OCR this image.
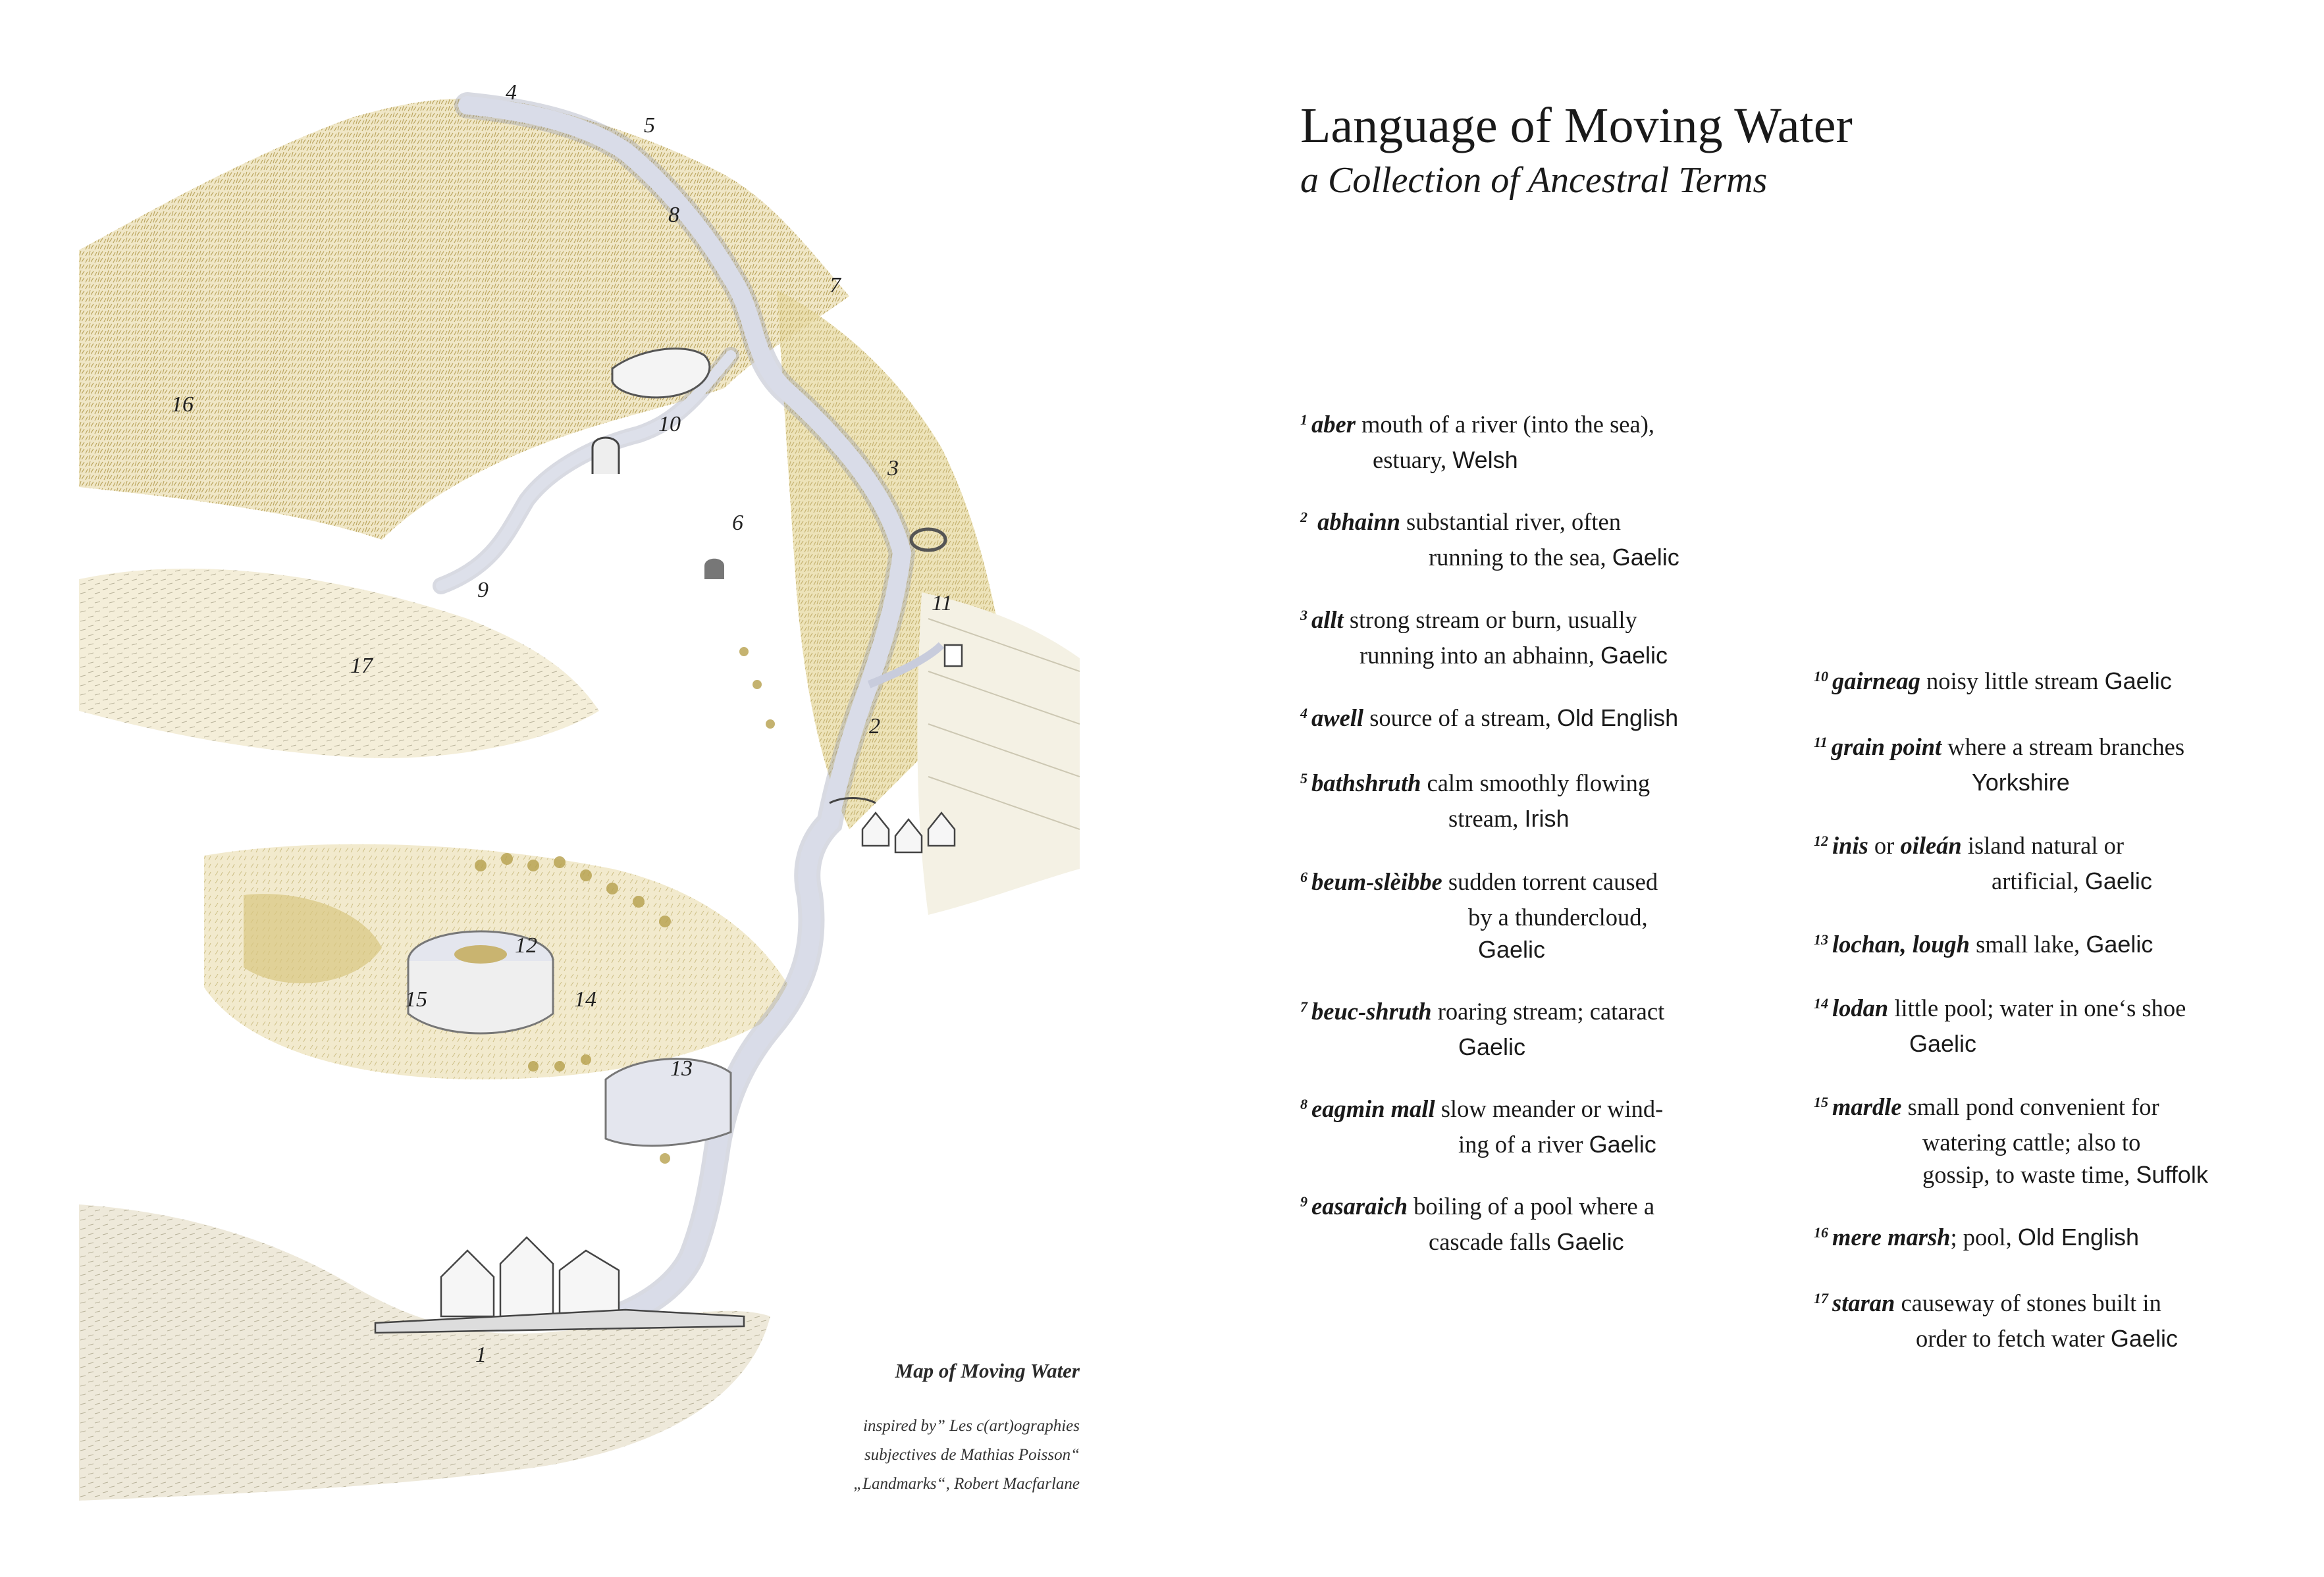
4
5
8
7
16
10
3
6
9
11
17
2
12
15	14
13
1
Map of Moving Water
inspired by” Les c(art)ographies
subjectives de Mathias Poisson“
„Landmarks“, Robert Macfarlane
Language of Moving Water
a Collection of Ancestral Terms
$^1$ aber mouth of a river (into the sea),
estuary, Welsh
$^2$ abhainn substantial river, often
running to the sea, Gaelic
$^3$ allt strong stream or burn, usually
running into an abhainn, Gaelic
$^4$ awell source of a stream, Old English
$^5$ bathshruth calm smoothly flowing
stream, Irish
$^6$ beum-slèibbe sudden torrent caused
by a thundercloud,
Gaelic
$^7$ beuc-shruth roaring stream; cataract
Gaelic
$^8$ eagmin mall slow meander or wind-
ing of a river Gaelic
$^9$ easaraich boiling of a pool where a
cascade falls Gaelic
$^{10}$ gairneag noisy little stream Gaelic
$^{11}$ grain point where a stream branches
Yorkshire
$^{12}$ inis or oileán island natural or
artificial, Gaelic
$^{13}$ lochan, lough small lake, Gaelic
$^{14}$ lodan little pool; water in one‘s shoe
Gaelic
$^{15}$ mardle small pond convenient for
watering cattle; also to
gossip, to waste time, Suffolk
$^{16}$ mere marsh; pool, Old English
$^{17}$ staran causeway of stones built in
order to fetch water Gaelic
